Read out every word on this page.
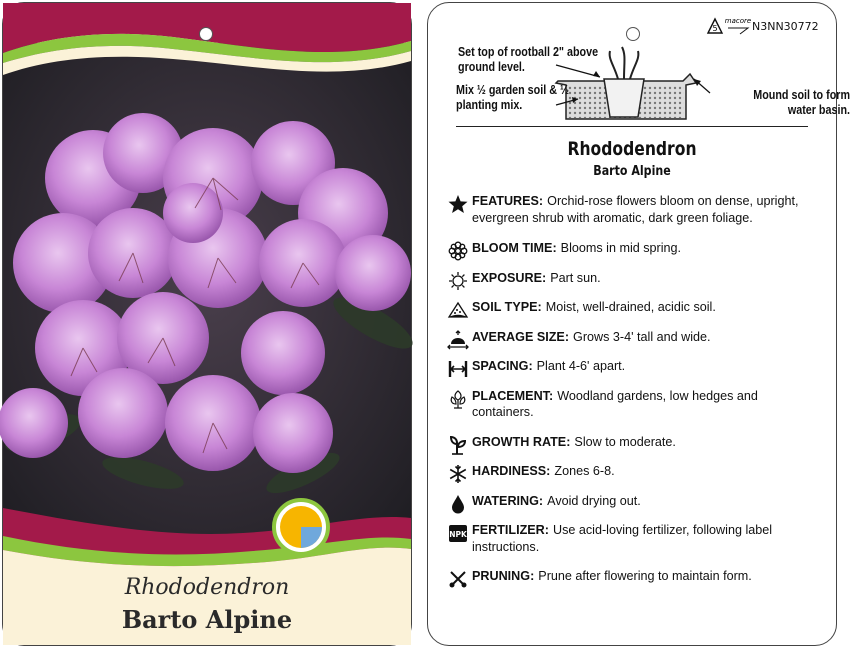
Rhododendron
Barto Alpine
5
macore N3NN30772
Set top of rootball 2" above ground level.
Mix ½ garden soil & ½ planting mix.
Mound soil to form water basin.
Rhododendron
Barto Alpine
FEATURES: Orchid-rose flowers bloom on dense, upright, evergreen shrub with aromatic, dark green foliage.
BLOOM TIME: Blooms in mid spring.
EXPOSURE: Part sun.
SOIL TYPE: Moist, well-drained, acidic soil.
AVERAGE SIZE: Grows 3-4' tall and wide.
SPACING: Plant 4-6' apart.
PLACEMENT: Woodland gardens, low hedges and containers.
GROWTH RATE: Slow to moderate.
HARDINESS: Zones 6-8.
WATERING: Avoid drying out.
NPK FERTILIZER: Use acid-loving fertilizer, following label instructions.
PRUNING: Prune after flowering to maintain form.
